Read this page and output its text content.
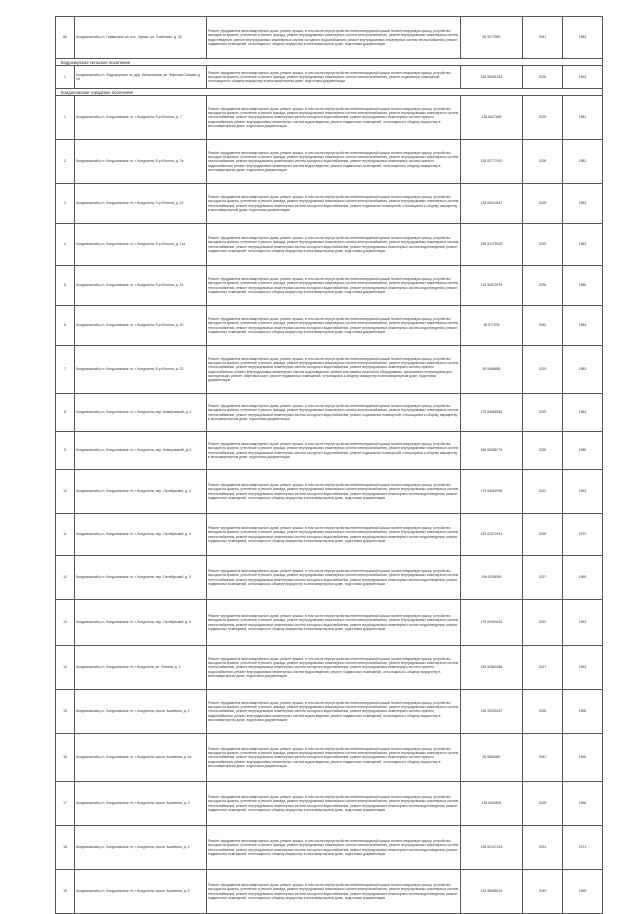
66	Кондопожский р-н, Гирвасское сп, пос. Гирвас, ул. Советская, д. 32	Ремонт фундамента многоквартирного дома, ремонт крыши, в том числе переустройство невентилируемой крыши на вентилируемую крышу, устройство выходов на кровлю, утепление и ремонт фасада, ремонт внутридомовых инженерных систем электроснабжения, ремонт внутридомовых инженерных систем водоотведения, ремонт внутридомовых инженерных систем холодного водоснабжения, ремонт внутридомовых инженерных систем теплоснабжения, ремонт подвальных помещений, относящихся к общему имуществу в многоквартирном доме, подготовка документации	65 5072960	2041	1983
Кедрозерское сельское поселение					
1	Кондопожский р-н, Кедрозерское сп, дер. Ионасальма, ул. Фирсова Сальма, д. 16	Ремонт фундамента многоквартирного дома, ремонт крыши, в том числе переустройство невентилируемой крыши на вентилируемую крышу, устройство выходов на кровлю, утепление и ремонт фасада, ремонт внутридомовых инженерных систем электроснабжения, ремонт подвальных помещений, относящихся к общему имуществу в многоквартирном доме, подготовка документации	155 55491324	2026	1963
Кондопожское городское поселение					
1	Кондопожский р-н, Кондопожское гп, г. Кондопога, б-р Юности, д. 7	Ремонт фундамента многоквартирного дома, ремонт крыши, в том числе переустройство невентилируемой крыши на вентилируемую крышу, устройство выходов на кровлю, утепление и ремонт фасада, ремонт внутридомовых инженерных систем электроснабжения, ремонт внутридомовых инженерных систем теплоснабжения, ремонт внутридомовых инженерных систем холодного водоснабжения, ремонт внутридомовых инженерных систем горячего водоснабжения, ремонт внутридомовых инженерных систем водоотведения, ремонт подвальных помещений, относящихся к общему имуществу в многоквартирном доме, подготовка документации	136 5627659	2029	1981
2	Кондопожский р-н, Кондопожское гп, г. Кондопога, б-р Юности, д. 7а	Ремонт фундамента многоквартирного дома, ремонт крыши, в том числе переустройство невентилируемой крыши на вентилируемую крышу, устройство выходов на кровлю, утепление и ремонт фасада, ремонт внутридомовых инженерных систем электроснабжения, ремонт внутридомовых инженерных систем теплоснабжения, ремонт внутридомовых инженерных систем холодного водоснабжения, ремонт внутридомовых инженерных систем горячего водоснабжения, ремонт внутридомовых инженерных систем водоотведения, ремонт подвальных помещений, относящихся к общему имуществу в многоквартирном доме, подготовка документации	135 52777620	2028	1981
3	Кондопожский р-н, Кондопожское гп, г. Кондопога, б-р Юности, д. 12	Ремонт фундамента многоквартирного дома, ремонт крыши, в том числе переустройство невентилируемой крыши на вентилируемую крышу, устройство выходов на кровлю, утепление и ремонт фасада, ремонт внутридомовых инженерных систем электроснабжения, ремонт внутридомовых инженерных систем теплоснабжения, ремонт внутридомовых инженерных систем холодного водоснабжения, ремонт подвальных помещений, относящихся к общему имуществу в многоквартирном доме, подготовка документации	126 60014847	2029	1983
4	Кондопожский р-н, Кондопожское гп, г. Кондопога, б-р Юности, д. 11а	Ремонт фундамента многоквартирного дома, ремонт крыши, в том числе переустройство невентилируемой крыши на вентилируемую крышу, устройство выходов на кровлю, утепление и ремонт фасада, ремонт внутридомовых инженерных систем электроснабжения, ремонт внутридомовых инженерных систем теплоснабжения, ремонт внутридомовых инженерных систем холодного водоснабжения, ремонт внутридомовых инженерных систем водоотведения, ремонт подвальных помещений, относящихся к общему имуществу в многоквартирном доме, подготовка документации	155 51275529	2025	1983
5	Кондопожский р-н, Кондопожское гп, г. Кондопога, б-р Юности, д. 16	Ремонт фундамента многоквартирного дома, ремонт крыши, в том числе переустройство невентилируемой крыши на вентилируемую крышу, устройство выходов на кровлю, утепление и ремонт фасада, ремонт внутридомовых инженерных систем электроснабжения, ремонт внутридомовых инженерных систем теплоснабжения, ремонт внутридомовых инженерных систем холодного водоснабжения, ремонт внутридомовых инженерных систем водоотведения, ремонт подвальных помещений, относящихся к общему имуществу в многоквартирном доме, подготовка документации	115 50872979	2036	1986
6	Кондопожский р-н, Кондопожское гп, г. Кондопога, б-р Юности, д. 20	Ремонт фундамента многоквартирного дома, ремонт крыши, в том числе переустройство невентилируемой крыши на вентилируемую крышу, устройство выходов на кровлю, утепление и ремонт фасада, ремонт внутридомовых инженерных систем электроснабжения, ремонт внутридомовых инженерных систем теплоснабжения, ремонт внутридомовых инженерных систем холодного водоснабжения, ремонт внутридомовых инженерных систем водоотведения, ремонт подвальных помещений, относящихся к общему имуществу в многоквартирном доме, подготовка документации	98 977635	2040	1984
7	Кондопожский р-н, Кондопожское гп, г. Кондопога, б-р Юности, д. 22	Ремонт фундамента многоквартирного дома, ремонт крыши, в том числе переустройство невентилируемой крыши на вентилируемую крышу, устройство выходов на кровлю, утепление и ремонт фасада, ремонт внутридомовых инженерных систем электроснабжения, ремонт внутридомовых инженерных систем теплоснабжения, ремонт внутридомовых инженерных систем холодного водоснабжения, ремонт внутридомовых инженерных систем горячего водоснабжения, ремонт внутридомовых инженерных систем водоотведения, ремонт или замена лифтового оборудования, признанного непригодным для эксплуатации, ремонт лифтовых шахт, ремонт подвальных помещений, относящихся к общему имуществу в многоквартирном доме, подготовка документации	95 5488685	2029	1983
8	Кондопожский р-н, Кондопожское гп, г. Кондопога, пер. Кемеровский, д. 4	Ремонт фундамента многоквартирного дома, ремонт крыши, в том числе переустройство невентилируемой крыши на вентилируемую крышу, устройство выходов на кровлю, утепление и ремонт фасада, ремонт внутридомовых инженерных систем электроснабжения, ремонт внутридомовых инженерных систем теплоснабжения, ремонт внутридомовых инженерных систем холодного водоснабжения, ремонт подвальных помещений, относящихся к общему имуществу в многоквартирном доме, подготовка документации	175 54866584	2029	1984
9	Кондопожский р-н, Кондопожское гп, г. Кондопога, пер. Кемеровский, д. 6	Ремонт фундамента многоквартирного дома, ремонт крыши, в том числе переустройство невентилируемой крыши на вентилируемую крышу, устройство выходов на кровлю, утепление и ремонт фасада, ремонт внутридомовых инженерных систем электроснабжения, ремонт внутридомовых инженерных систем теплоснабжения, ремонт внутридомовых инженерных систем холодного водоснабжения, ремонт подвальных помещений, относящихся к общему имуществу в многоквартирном доме, подготовка документации	186 65385776	2026	1989
10	Кондопожский р-н, Кондопожское гп, г. Кондопога, пер. Октябрьский, д. 2	Ремонт фундамента многоквартирного дома, ремонт крыши, в том числе переустройство невентилируемой крыши на вентилируемую крышу, устройство выходов на кровлю, утепление и ремонт фасада, ремонт внутридомовых инженерных систем электроснабжения, ремонт внутридомовых инженерных систем теплоснабжения, ремонт внутридомовых инженерных систем холодного водоснабжения, ремонт внутридомовых инженерных систем водоотведения, ремонт подвальных помещений, относящихся к общему имуществу в многоквартирном доме, подготовка документации	179 54062994	2022	1963
11	Кондопожский р-н, Кондопожское гп, г. Кондопога, пер. Октябрьский, д. 4	Ремонт фундамента многоквартирного дома, ремонт крыши, в том числе переустройство невентилируемой крыши на вентилируемую крышу, устройство выходов на кровлю, утепление и ремонт фасада, ремонт внутридомовых инженерных систем электроснабжения, ремонт внутридомовых инженерных систем теплоснабжения, ремонт внутридомовых инженерных систем холодного водоснабжения, ремонт внутридомовых инженерных систем водоотведения, ремонт подвальных помещений, относящихся к общему имуществу в многоквартирном доме, подготовка документации	153 53374913	2028	1979
12	Кондопожский р-н, Кондопожское гп, г. Кондопога, пер. Октябрьский, д. 5	Ремонт фундамента многоквартирного дома, ремонт крыши, в том числе переустройство невентилируемой крыши на вентилируемую крышу, устройство выходов на кровлю, утепление и ремонт фасада, ремонт внутридомовых инженерных систем электроснабжения, ремонт внутридомовых инженерных систем теплоснабжения, ремонт внутридомовых инженерных систем холодного водоснабжения, ремонт внутридомовых инженерных систем водоотведения, ремонт подвальных помещений, относящихся к общему имуществу в многоквартирном доме, подготовка документации	196 6298090	2027	1965
13	Кондопожский р-н, Кондопожское гп, г. Кондопога, пер. Октябрьский, д. 6	Ремонт фундамента многоквартирного дома, ремонт крыши, в том числе переустройство невентилируемой крыши на вентилируемую крышу, устройство выходов на кровлю, утепление и ремонт фасада, ремонт внутридомовых инженерных систем электроснабжения, ремонт внутридомовых инженерных систем теплоснабжения, ремонт внутридомовых инженерных систем холодного водоснабжения, ремонт внутридомовых инженерных систем водоотведения, ремонт подвальных помещений, относящихся к общему имуществу в многоквартирном доме, подготовка документации	179 54394463	2022	1963
14	Кондопожский р-н, Кондопожское гп, г. Кондопога, ул. Ленина, д. 3	Ремонт фундамента многоквартирного дома, ремонт крыши, в том числе переустройство невентилируемой крыши на вентилируемую крышу, устройство выходов на кровлю, утепление и ремонт фасада, ремонт внутридомовых инженерных систем электроснабжения, ремонт внутридомовых инженерных систем теплоснабжения, ремонт внутридомовых инженерных систем холодного водоснабжения, ремонт внутридомовых инженерных систем горячего водоснабжения, ремонт внутридомовых инженерных систем водоотведения, ремонт подвальных помещений, относящихся к общему имуществу в многоквартирном доме, подготовка документации	155 52863364	2027	1963
15	Кондопожский р-н, Кондопожское гп, г. Кондопога, просп. Калинина, д. 2	Ремонт фундамента многоквартирного дома, ремонт крыши, в том числе переустройство невентилируемой крыши на вентилируемую крышу, устройство выходов на кровлю, утепление и ремонт фасада, ремонт внутридомовых инженерных систем электроснабжения, ремонт внутридомовых инженерных систем теплоснабжения, ремонт внутридомовых инженерных систем холодного водоснабжения, ремонт внутридомовых инженерных систем горячего водоснабжения, ремонт внутридомовых инженерных систем водоотведения, ремонт подвальных помещений, относящихся к общему имуществу в многоквартирном доме, подготовка документации	135 33250267	2026	1968
16	Кондопожский р-н, Кондопожское гп, г. Кондопога, просп. Калинина, д. 2а	Ремонт фундамента многоквартирного дома, ремонт крыши, в том числе переустройство невентилируемой крыши на вентилируемую крышу, устройство выходов на кровлю, утепление и ремонт фасада, ремонт внутридомовых инженерных систем электроснабжения, ремонт внутридомовых инженерных систем теплоснабжения, ремонт внутридомовых инженерных систем холодного водоснабжения, ремонт внутридомовых инженерных систем горячего водоснабжения, ремонт внутридомовых инженерных систем водоотведения, ремонт подвальных помещений, относящихся к общему имуществу в многоквартирном доме, подготовка документации	95 6866482	2042	1968
17	Кондопожский р-н, Кондопожское гп, г. Кондопога, просп. Калинина, д. 3	Ремонт фундамента многоквартирного дома, ремонт крыши, в том числе переустройство невентилируемой крыши на вентилируемую крышу, устройство выходов на кровлю, утепление и ремонт фасада, ремонт внутридомовых инженерных систем электроснабжения, ремонт внутридомовых инженерных систем теплоснабжения, ремонт внутридомовых инженерных систем холодного водоснабжения, ремонт внутридомовых инженерных систем водоотведения, ремонт подвальных помещений, относящихся к общему имуществу в многоквартирном доме, подготовка документации	135 5303804	2029	1966
18	Кондопожский р-н, Кондопожское гп, г. Кондопога, просп. Калинина, д. 4	Ремонт фундамента многоквартирного дома, ремонт крыши, в том числе переустройство невентилируемой крыши на вентилируемую крышу, устройство выходов на кровлю, утепление и ремонт фасада, ремонт внутридомовых инженерных систем электроснабжения, ремонт внутридомовых инженерных систем теплоснабжения, ремонт внутридомовых инженерных систем холодного водоснабжения, ремонт внутридомовых инженерных систем водоотведения, ремонт подвальных помещений, относящихся к общему имуществу в многоквартирном доме, подготовка документации	135 52107443	2031	1971
19	Кондопожский р-н, Кондопожское гп, г. Кондопога, просп. Калинина, д. 5	Ремонт фундамента многоквартирного дома, ремонт крыши, в том числе переустройство невентилируемой крыши на вентилируемую крышу, устройство выходов на кровлю, утепление и ремонт фасада, ремонт внутридомовых инженерных систем электроснабжения, ремонт внутридомовых инженерных систем теплоснабжения, ремонт внутридомовых инженерных систем холодного водоснабжения, ремонт внутридомовых инженерных систем водоотведения, ремонт подвальных помещений, относящихся к общему имуществу в многоквартирном доме, подготовка документации	125 56685044	2049	1969
